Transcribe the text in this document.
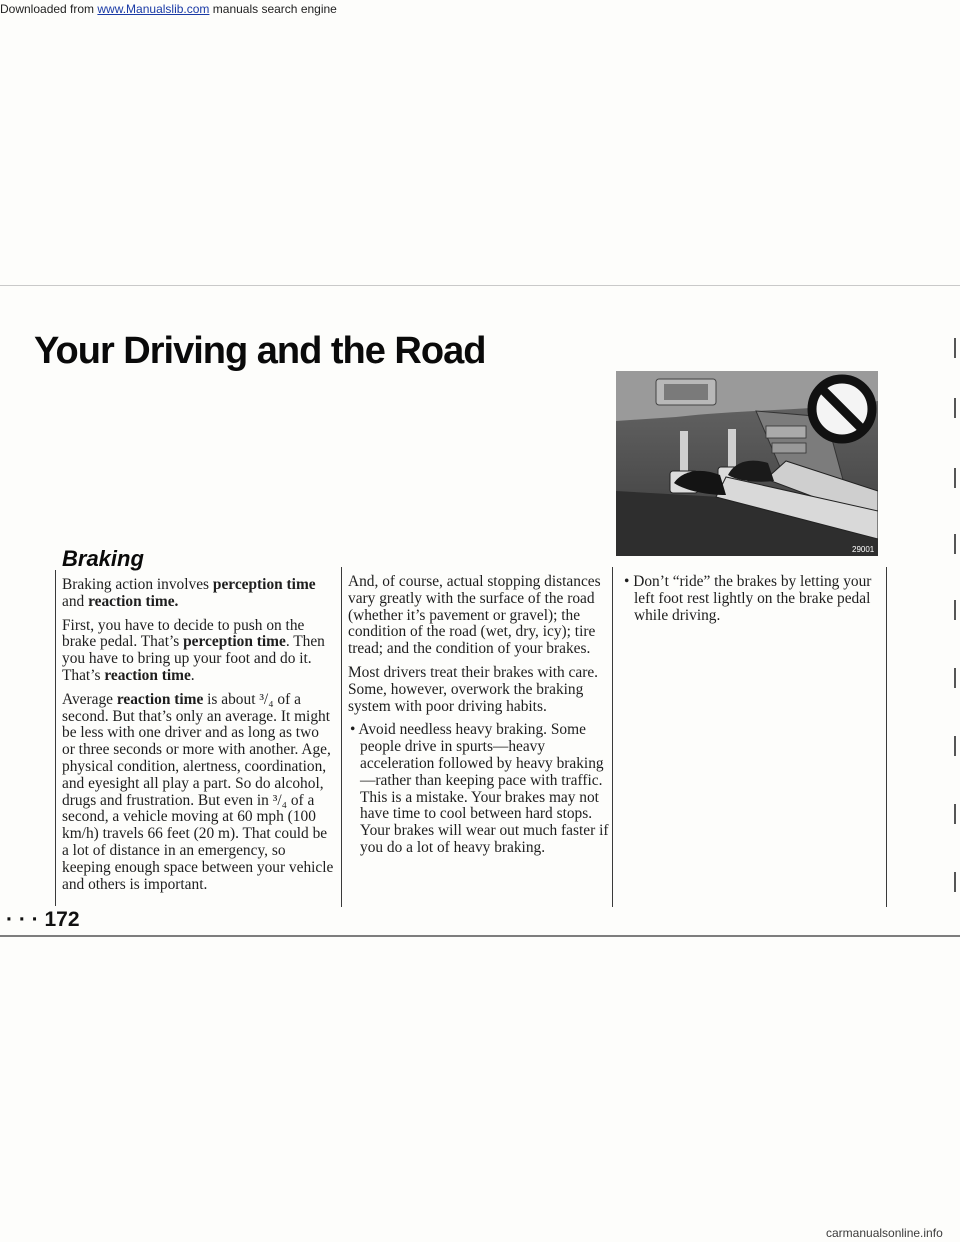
Downloaded from www.Manualslib.com manuals search engine
Your Driving and the Road
29001
Braking

Braking action involves perception time and reaction time.

First, you have to decide to push on the brake pedal. That’s perception time. Then you have to bring up your foot and do it. That’s reaction time.

Average reaction time is about ³/₄ of a second. But that’s only an average. It might be less with one driver and as long as two or three seconds or more with another. Age, physical condition, alertness, coordination, and eyesight all play a part. So do alcohol, drugs and frustration. But even in ³/₄ of a second, a vehicle moving at 60 mph (100 km/h) travels 66 feet (20 m). That could be a lot of distance in an emergency, so keeping enough space between your vehicle and others is important.

And, of course, actual stopping distances vary greatly with the surface of the road (whether it’s pavement or gravel); the condition of the road (wet, dry, icy); tire tread; and the condition of your brakes.

Most drivers treat their brakes with care. Some, however, overwork the braking system with poor driving habits.

• Avoid needless heavy braking. Some people drive in spurts—heavy acceleration followed by heavy braking—rather than keeping pace with traffic. This is a mistake. Your brakes may not have time to cool between hard stops. Your brakes will wear out much faster if you do a lot of heavy braking.

• Don’t “ride” the brakes by letting your left foot rest lightly on the brake pedal while driving.

· · · 172
carmanualsonline.info
